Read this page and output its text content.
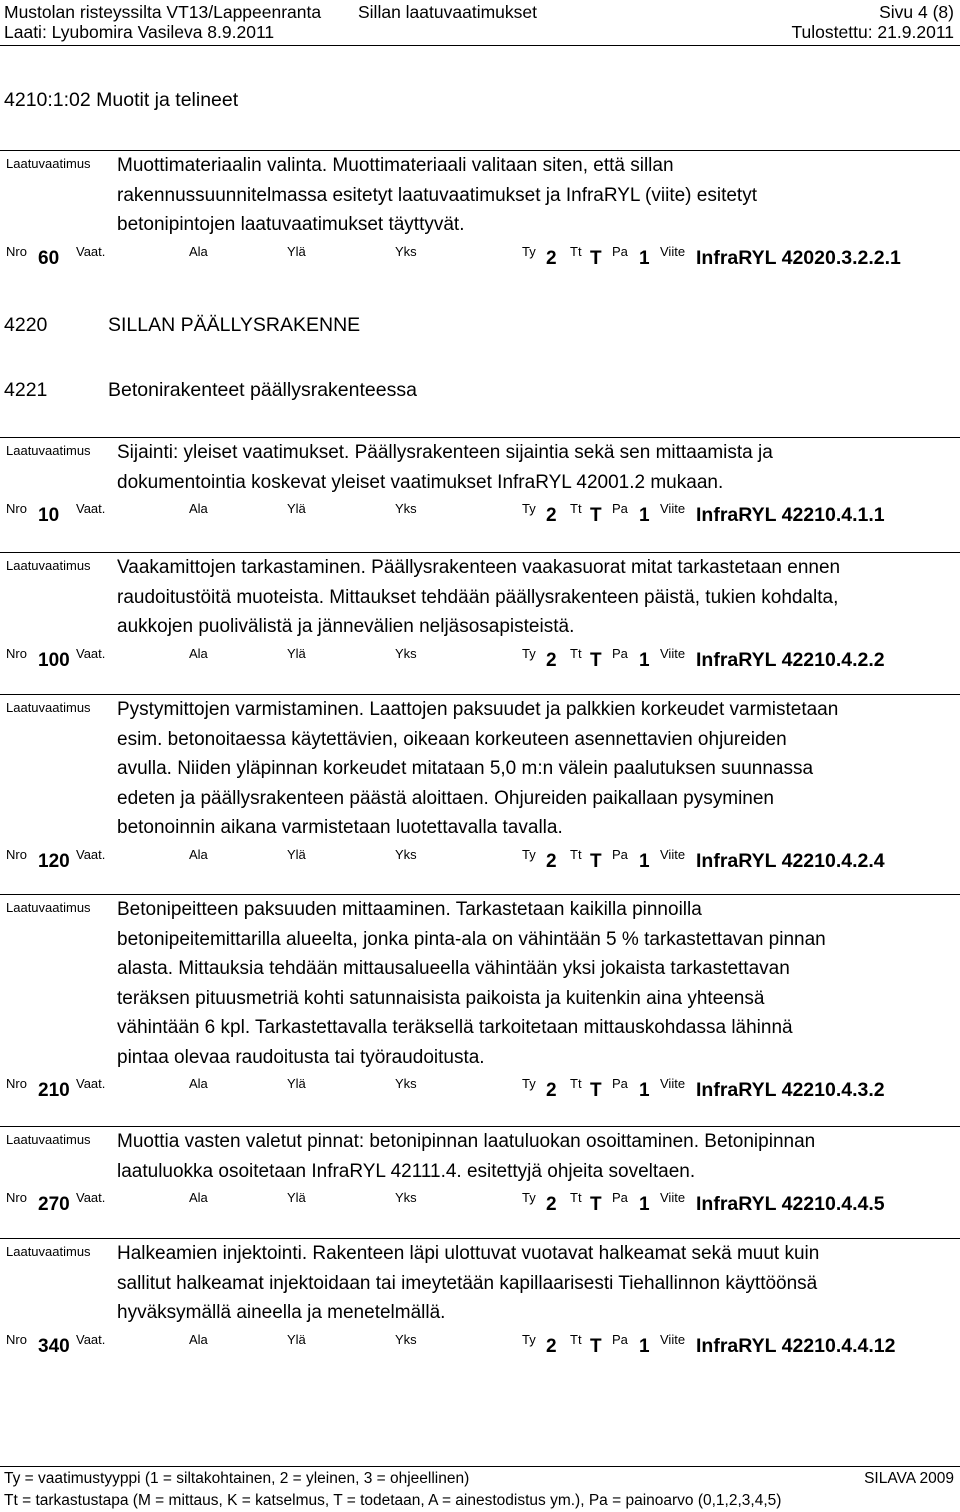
Mustolan risteyssilta VT13/Lappeenranta Sillan laatuvaatimukset	Sivu 4 (8)
Laati: Lyubomira Vasileva 8.9.2011	Tulostettu: 21.9.2011
4210:1:02 Muotit ja telineet
4220	SILLAN PÄÄLLYSRAKENNE
4221	Betonirakenteet päällysrakenteessa
Laatuvaatimus Muottimateriaalin valinta. Muottimateriaali valitaan siten, että sillan
rakennussuunnitelmassa esitetyt laatuvaatimukset ja InfraRYL (viite) esitetyt
betonipintojen laatuvaatimukset täyttyvät.
Nro 60 Vaat.	Ala	Ylä	Yks	Ty 2 Tt T Pa 1 Viite InfraRYL 42020.3.2.2.1
Laatuvaatimus Sijainti: yleiset vaatimukset. Päällysrakenteen sijaintia sekä sen mittaamista ja
dokumentointia koskevat yleiset vaatimukset InfraRYL 42001.2 mukaan.
Nro 10 Vaat.	Ala	Ylä	Yks	Ty 2 Tt T Pa 1 Viite InfraRYL 42210.4.1.1
Laatuvaatimus Vaakamittojen tarkastaminen. Päällysrakenteen vaakasuorat mitat tarkastetaan ennen
raudoitustöitä muoteista. Mittaukset tehdään päällysrakenteen päistä, tukien kohdalta,
aukkojen puolivälistä ja jännevälien neljäsosapisteistä.
Nro 100 Vaat.	Ala	Ylä	Yks	Ty 2 Tt T Pa 1 Viite InfraRYL 42210.4.2.2
Laatuvaatimus Pystymittojen varmistaminen. Laattojen paksuudet ja palkkien korkeudet varmistetaan
esim. betonoitaessa käytettävien, oikeaan korkeuteen asennettavien ohjureiden
avulla. Niiden yläpinnan korkeudet mitataan 5,0 m:n välein paalutuksen suunnassa
edeten ja päällysrakenteen päästä aloittaen. Ohjureiden paikallaan pysyminen
betonoinnin aikana varmistetaan luotettavalla tavalla.
Nro 120 Vaat.	Ala	Ylä	Yks	Ty 2 Tt T Pa 1 Viite InfraRYL 42210.4.2.4
Laatuvaatimus Betonipeitteen paksuuden mittaaminen. Tarkastetaan kaikilla pinnoilla
betonipeitemittarilla alueelta, jonka pinta-ala on vähintään 5 % tarkastettavan pinnan
alasta. Mittauksia tehdään mittausalueella vähintään yksi jokaista tarkastettavan
teräksen pituusmetriä kohti satunnaisista paikoista ja kuitenkin aina yhteensä
vähintään 6 kpl. Tarkastettavalla teräksellä tarkoitetaan mittauskohdassa lähinnä
pintaa olevaa raudoitusta tai työraudoitusta.
Nro 210 Vaat.	Ala	Ylä	Yks	Ty 2 Tt T Pa 1 Viite InfraRYL 42210.4.3.2
Laatuvaatimus Muottia vasten valetut pinnat: betonipinnan laatuluokan osoittaminen. Betonipinnan
laatuluokka osoitetaan InfraRYL 42111.4. esitettyjä ohjeita soveltaen.
Nro 270 Vaat.	Ala	Ylä	Yks	Ty 2 Tt T Pa 1 Viite InfraRYL 42210.4.4.5
Laatuvaatimus Halkeamien injektointi. Rakenteen läpi ulottuvat vuotavat halkeamat sekä muut kuin
sallitut halkeamat injektoidaan tai imeytetään kapillaarisesti Tiehallinnon käyttöönsä
hyväksymällä aineella ja menetelmällä.
Nro 340 Vaat.	Ala	Ylä	Yks	Ty 2 Tt T Pa 1 Viite InfraRYL 42210.4.4.12
Ty = vaatimustyyppi (1 = siltakohtainen, 2 = yleinen, 3 = ohjeellinen)	SILAVA 2009
Tt = tarkastustapa (M = mittaus, K = katselmus, T = todetaan, A = ainestodistus ym.), Pa = painoarvo (0,1,2,3,4,5)
